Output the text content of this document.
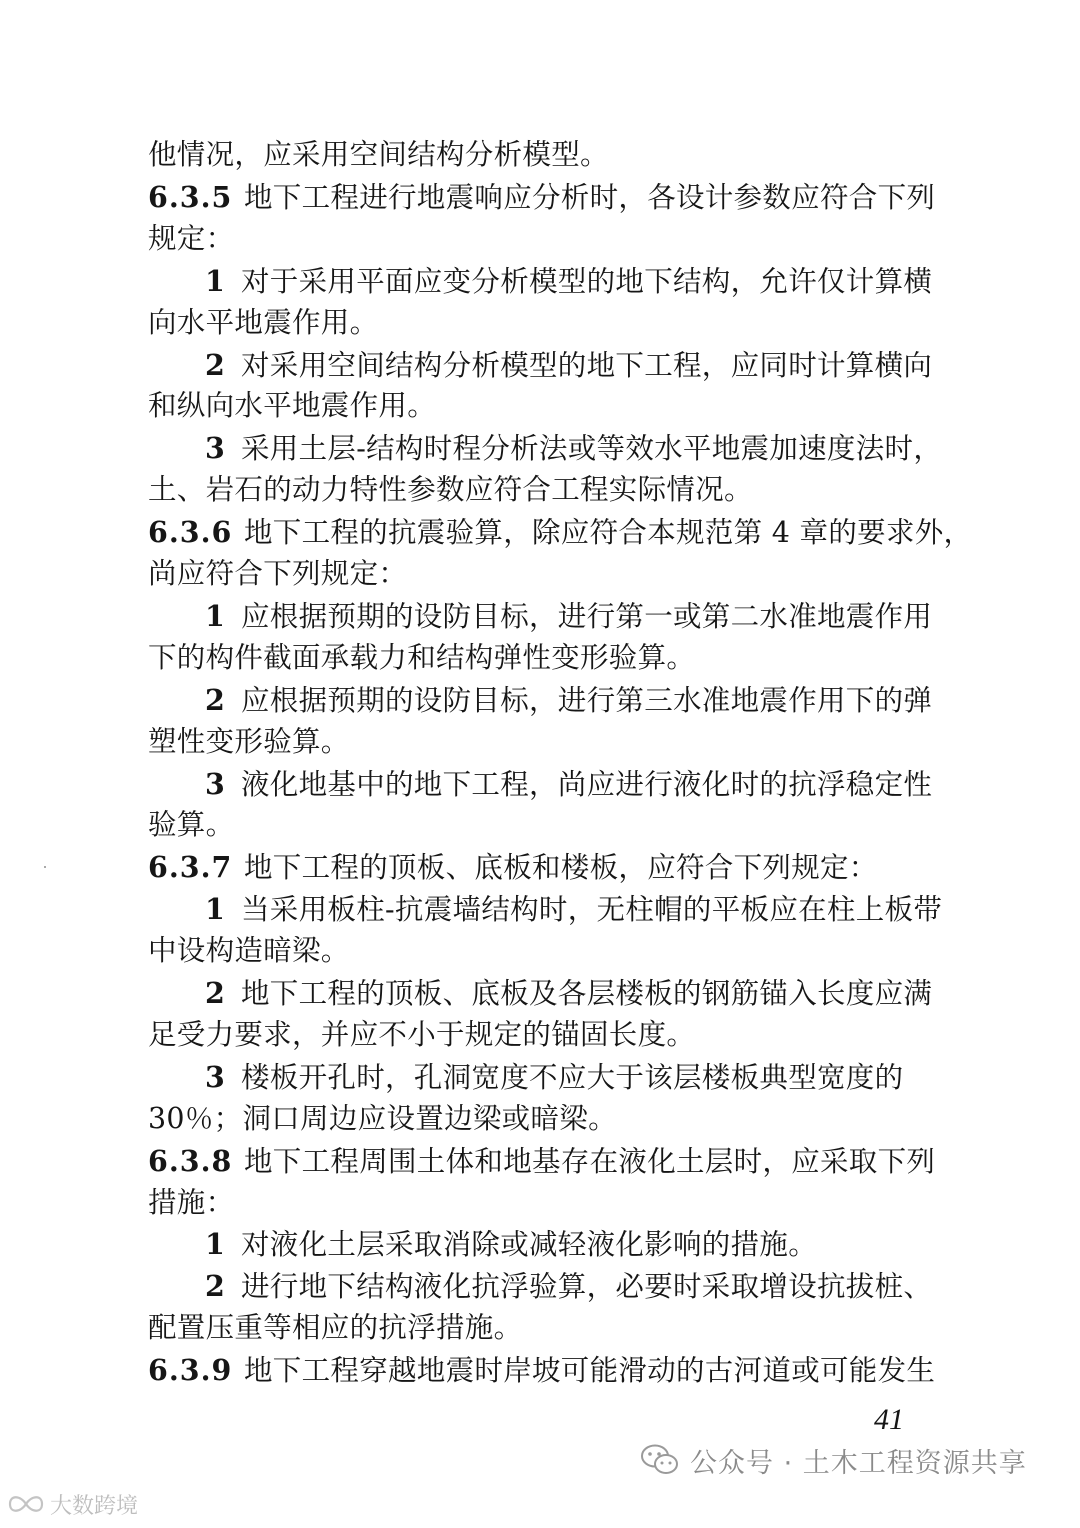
他情况，应采用空间结构分析模型。
6.3.5 地下工程进行地震响应分析时，各设计参数应符合下列
规定：
1 对于采用平面应变分析模型的地下结构，允许仅计算横
向水平地震作用。
2 对采用空间结构分析模型的地下工程，应同时计算横向
和纵向水平地震作用。
3 采用土层-结构时程分析法或等效水平地震加速度法时，
土、岩石的动力特性参数应符合工程实际情况。
6.3.6 地下工程的抗震验算，除应符合本规范第 4 章的要求外，
尚应符合下列规定：
1 应根据预期的设防目标，进行第一或第二水准地震作用
下的构件截面承载力和结构弹性变形验算。
2 应根据预期的设防目标，进行第三水准地震作用下的弹
塑性变形验算。
3 液化地基中的地下工程，尚应进行液化时的抗浮稳定性
验算。
6.3.7 地下工程的顶板、底板和楼板，应符合下列规定：
1 当采用板柱-抗震墙结构时，无柱帽的平板应在柱上板带
中设构造暗梁。
2 地下工程的顶板、底板及各层楼板的钢筋锚入长度应满
足受力要求，并应不小于规定的锚固长度。
3 楼板开孔时，孔洞宽度不应大于该层楼板典型宽度的
30％；洞口周边应设置边梁或暗梁。
6.3.8 地下工程周围土体和地基存在液化土层时，应采取下列
措施：
1 对液化土层采取消除或减轻液化影响的措施。
2 进行地下结构液化抗浮验算，必要时采取增设抗拔桩、
配置压重等相应的抗浮措施。
6.3.9 地下工程穿越地震时岸坡可能滑动的古河道或可能发生
41
公众号 · 土木工程资源共享
大数跨境
